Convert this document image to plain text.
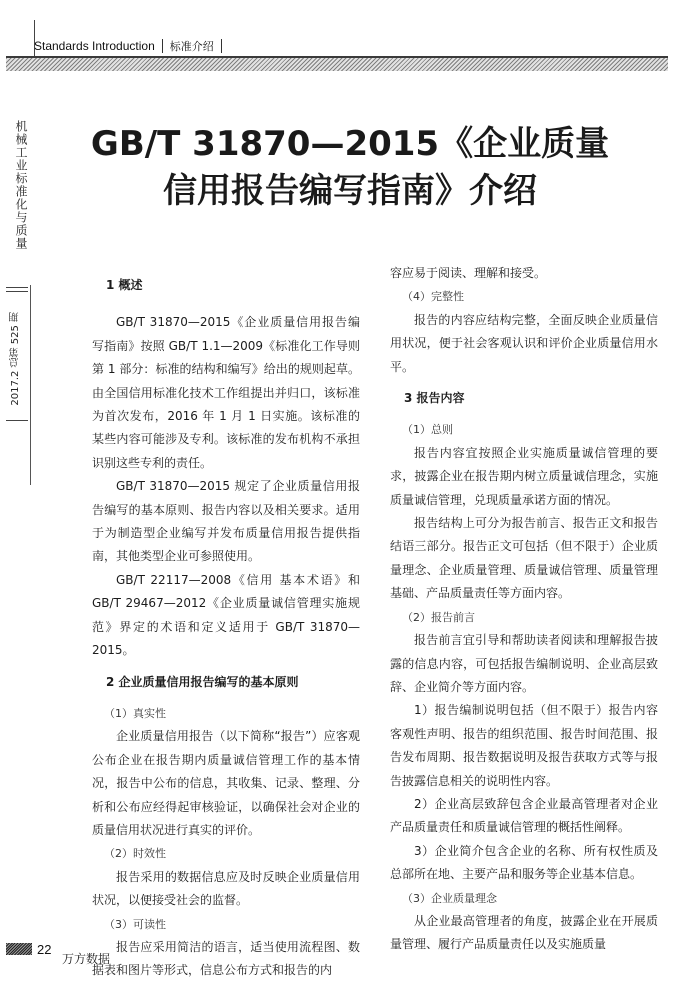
Standards Introduction 标准介绍
机械工业标准化与质量
2017.2 总第 525 期
GB/T 31870—2015《企业质量
信用报告编写指南》介绍
1 概述

GB/T 31870—2015《企业质量信用报告编写指南》按照 GB/T 1.1—2009《标准化工作导则 第 1 部分：标准的结构和编写》给出的规则起草。由全国信用标准化技术工作组提出并归口，该标准为首次发布，2016 年 1 月 1 日实施。该标准的某些内容可能涉及专利。该标准的发布机构不承担识别这些专利的责任。

GB/T 31870—2015 规定了企业质量信用报告编写的基本原则、报告内容以及相关要求。适用于为制造型企业编写并发布质量信用报告提供指南，其他类型企业可参照使用。

GB/T 22117—2008《信用 基本术语》和 GB/T 29467—2012《企业质量诚信管理实施规范》界定的术语和定义适用于 GB/T 31870—2015。

2 企业质量信用报告编写的基本原则

（1）真实性

企业质量信用报告（以下简称“报告”）应客观公布企业在报告期内质量诚信管理工作的基本情况，报告中公布的信息，其收集、记录、整理、分析和公布应经得起审核验证，以确保社会对企业的质量信用状况进行真实的评价。

（2）时效性

报告采用的数据信息应及时反映企业质量信用状况，以便接受社会的监督。

（3）可读性

报告应采用简洁的语言，适当使用流程图、数据表和图片等形式，信息公布方式和报告的内

容应易于阅读、理解和接受。

（4）完整性

报告的内容应结构完整，全面反映企业质量信用状况，便于社会客观认识和评价企业质量信用水平。

3 报告内容

（1）总则

报告内容宜按照企业实施质量诚信管理的要求，披露企业在报告期内树立质量诚信理念，实施质量诚信管理，兑现质量承诺方面的情况。

报告结构上可分为报告前言、报告正文和报告结语三部分。报告正文可包括（但不限于）企业质量理念、企业质量管理、质量诚信管理、质量管理基础、产品质量责任等方面内容。

（2）报告前言

报告前言宜引导和帮助读者阅读和理解报告披露的信息内容，可包括报告编制说明、企业高层致辞、企业简介等方面内容。

1）报告编制说明包括（但不限于）报告内容客观性声明、报告的组织范围、报告时间范围、报告发布周期、报告数据说明及报告获取方式等与报告披露信息相关的说明性内容。

2）企业高层致辞包含企业最高管理者对企业产品质量责任和质量诚信管理的概括性阐释。

3）企业简介包含企业的名称、所有权性质及总部所在地、主要产品和服务等企业基本信息。

（3）企业质量理念

从企业最高管理者的角度，披露企业在开展质量管理、履行产品质量责任以及实施质量

22
万方数据
